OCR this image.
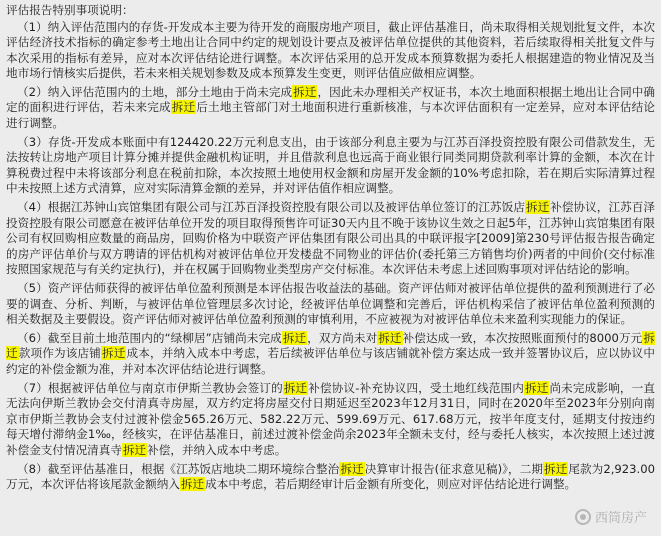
评估报告特别事项说明：

（1）纳入评估范围内的存货-开发成本主要为待开发的商服房地产项目，截止评估基准日，尚未取得相关规划批复文件，本次评估经济技术指标的确定参考土地出让合同中约定的规划设计要点及被评估单位提供的其他资料，若后续取得相关批复文件与本次采用的指标有差异，应对本次评估结论进行调整。本次评估采用的总开发成本预算数据为委托人根据建造的物业情况及当地市场行情核实后提供，若未来相关规划参数及成本预算发生变更，则评估值应做相应调整。

（2）纳入评估范围内的土地，部分土地由于尚未完成拆迁，因此未办理相关产权证书，本次土地面积根据土地出让合同中确定的面积进行评估，若未来完成拆迁后土地主管部门对土地面积进行重新核准，与本次评估面积有一定差异，应对本评估结论进行调整。

（3）存货-开发成本账面中有124420.22万元利息支出，由于该部分利息主要为与江苏百泽投资控股有限公司借款发生，无法按转让房地产项目计算分摊并提供金融机构证明，并且借款利息也远高于商业银行同类同期贷款利率计算的金额，本次在计算税费过程中未将该部分利息在税前扣除，本次按照土地使用权金额和房屋开发金额的10%考虑扣除，若在期后实际清算过程中未按照上述方式清算，应对实际清算金额的差异，并对评估值作相应调整。

（4）根据江苏钟山宾馆集团有限公司与江苏百泽投资控股有限公司以及被评估单位签订的江苏饭店拆迁补偿协议，江苏百泽投资控股有限公司愿意在被评估单位开发的项目取得预售许可证30天内且不晚于该协议生效之日起5年，江苏钟山宾馆集团有限公司有权回购相应数量的商品房，回购价格为中联资产评估集团有限公司出具的中联评报字[2009]第230号评估报告报告确定的房产评估单价与双方聘请的评估机构对被评估单位开发楼盘不同物业的评估价(委托第三方销售均价)两者的中间价(交付标准按照国家规范与有关约定执行)，并在权属于回购物业类型房产交付标准。本次评估未考虑上述回购事项对评估结论的影响。

（5）资产评估师获得的被评估单位盈利预测是本评估报告收益法的基础。资产评估师对被评估单位提供的盈利预测进行了必要的调查、分析、判断，与被评估单位管理层多次讨论，经被评估单位调整和完善后，评估机构采信了被评估单位盈利预测的相关数据及主要假设。资产评估师对被评估单位盈利预测的审慎利用，不应被视为对被评估单位未来盈利实现能力的保证。

（6）截至目前土地范围内的“绿柳居”店铺尚未完成拆迁，双方尚未对拆迁补偿达成一致，本次按照账面预付的8000万元拆迁款项作为该店铺拆迁成本，并纳入成本中考虑，若后续被评估单位与该店铺就补偿方案达成一致并签署协议后，应以协议中约定的补偿金额为准，并对本次评估结论进行调整。

（7）根据被评估单位与南京市伊斯兰教协会签订的拆迁补偿协议-补充协议四，受土地红线范围内拆迁尚未完成影响，一直无法向伊斯兰教协会交付清真寺房屋，双方约定将房屋交付日期延迟至2023年12月31日，同时在2020年至2023年分别向南京市伊斯兰教协会支付过渡补偿金565.26万元、582.22万元、599.69万元、617.68万元，按半年度支付，延期支付按违约每天增付滞纳金1‰，经核实，在评估基准日，前述过渡补偿金尚余2023年全额未支付，经与委托人核实，本次按照上述过渡补偿金支付情况清真寺拆迁补偿，并纳入成本中考虑。

（8）截至评估基准日，根据《江苏饭店地块二期环境综合整治拆迁决算审计报告(征求意见稿)》，二期拆迁尾款为2,923.00万元，本次评估将该尾款金额纳入拆迁成本中考虑，若后期经审计后金额有所变化，则应对评估结论进行调整。

西筒房产
